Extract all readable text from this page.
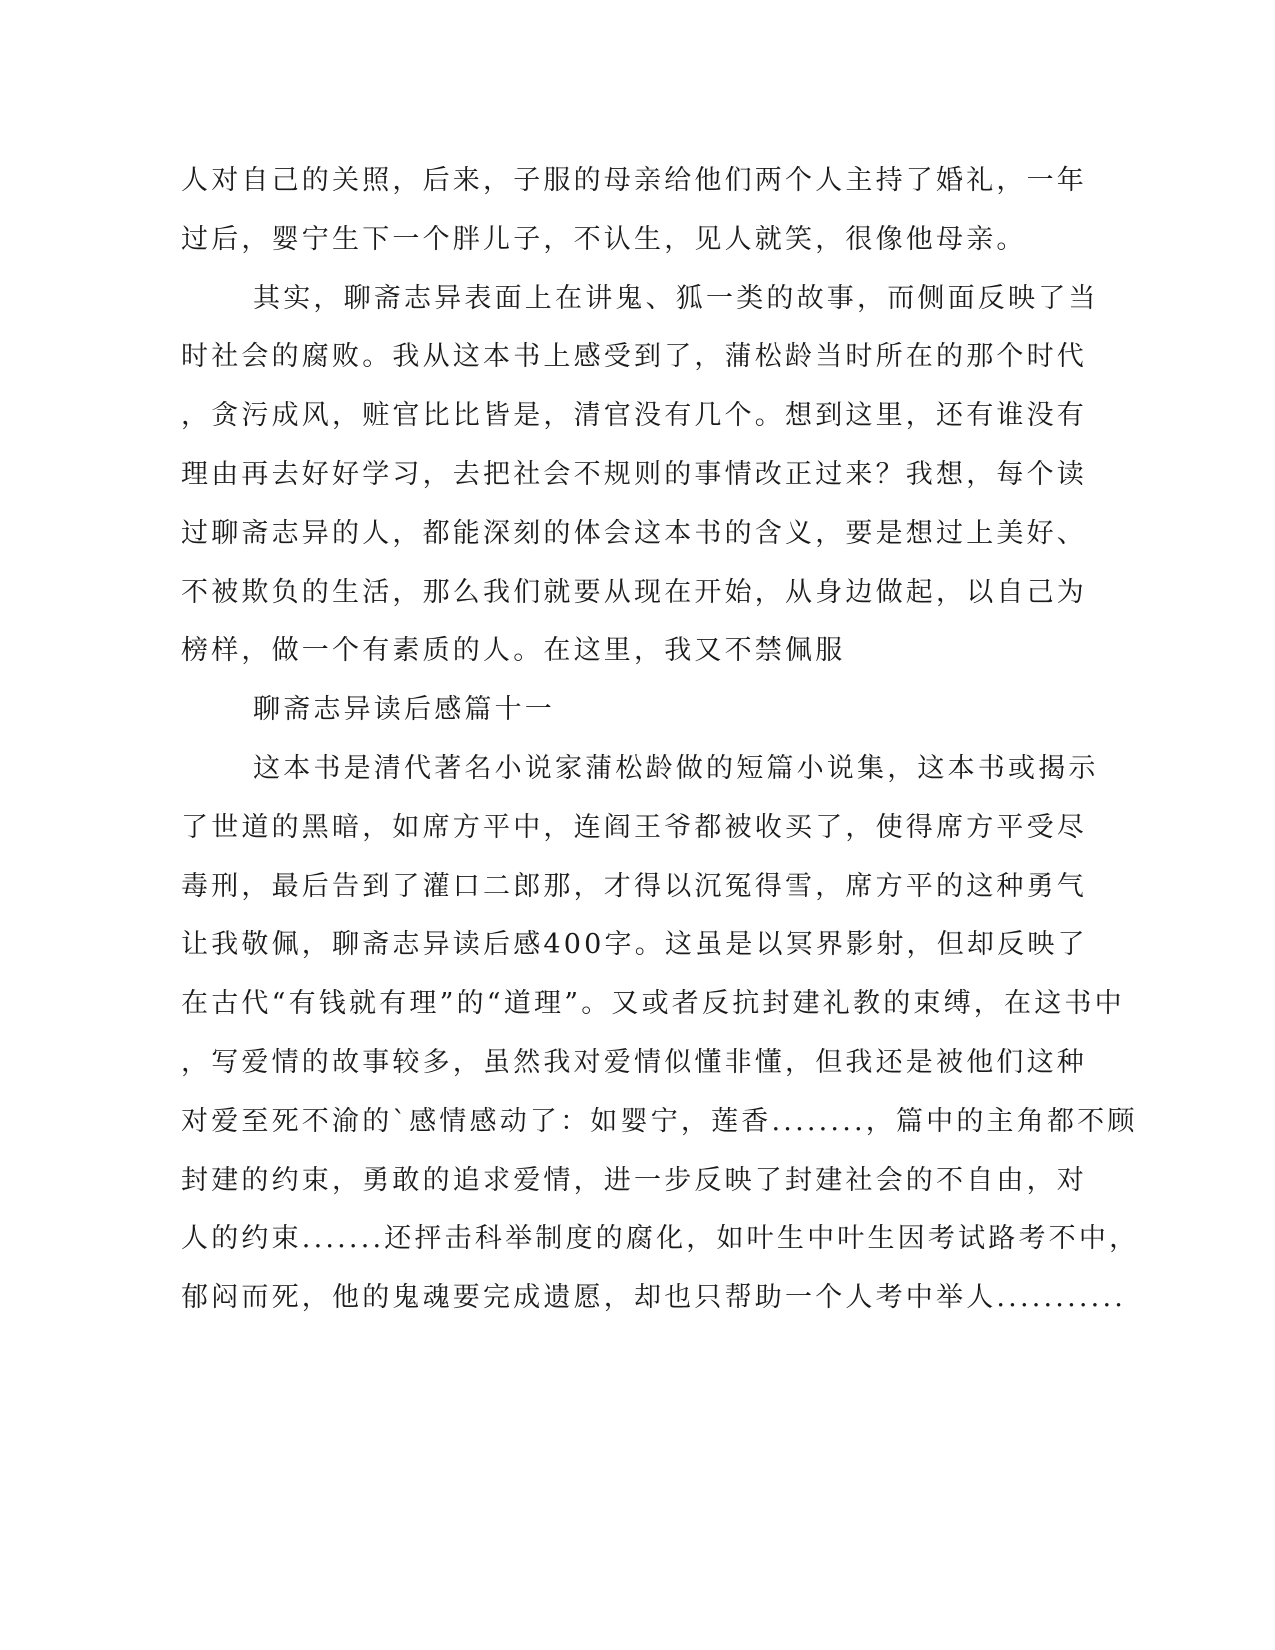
人对自己的关照，后来，子服的母亲给他们两个人主持了婚礼，一年
过后，婴宁生下一个胖儿子，不认生，见人就笑，很像他母亲。
其实，聊斋志异表面上在讲鬼、狐一类的故事，而侧面反映了当
时社会的腐败。我从这本书上感受到了，蒲松龄当时所在的那个时代
，贪污成风，赃官比比皆是，清官没有几个。想到这里，还有谁没有
理由再去好好学习，去把社会不规则的事情改正过来？我想，每个读
过聊斋志异的人，都能深刻的体会这本书的含义，要是想过上美好、
不被欺负的生活，那么我们就要从现在开始，从身边做起，以自己为
榜样，做一个有素质的人。在这里，我又不禁佩服
聊斋志异读后感篇十一
这本书是清代著名小说家蒲松龄做的短篇小说集，这本书或揭示
了世道的黑暗，如席方平中，连阎王爷都被收买了，使得席方平受尽
毒刑，最后告到了灌口二郎那，才得以沉冤得雪，席方平的这种勇气
让我敬佩，聊斋志异读后感400字。这虽是以冥界影射，但却反映了
在古代“有钱就有理”的“道理”。又或者反抗封建礼教的束缚，在这书中
，写爱情的故事较多，虽然我对爱情似懂非懂，但我还是被他们这种
对爱至死不渝的`感情感动了：如婴宁，莲香........，篇中的主角都不顾
封建的约束，勇敢的追求爱情，进一步反映了封建社会的不自由，对
人的约束.......还抨击科举制度的腐化，如叶生中叶生因考试路考不中，
郁闷而死，他的鬼魂要完成遗愿，却也只帮助一个人考中举人...........
